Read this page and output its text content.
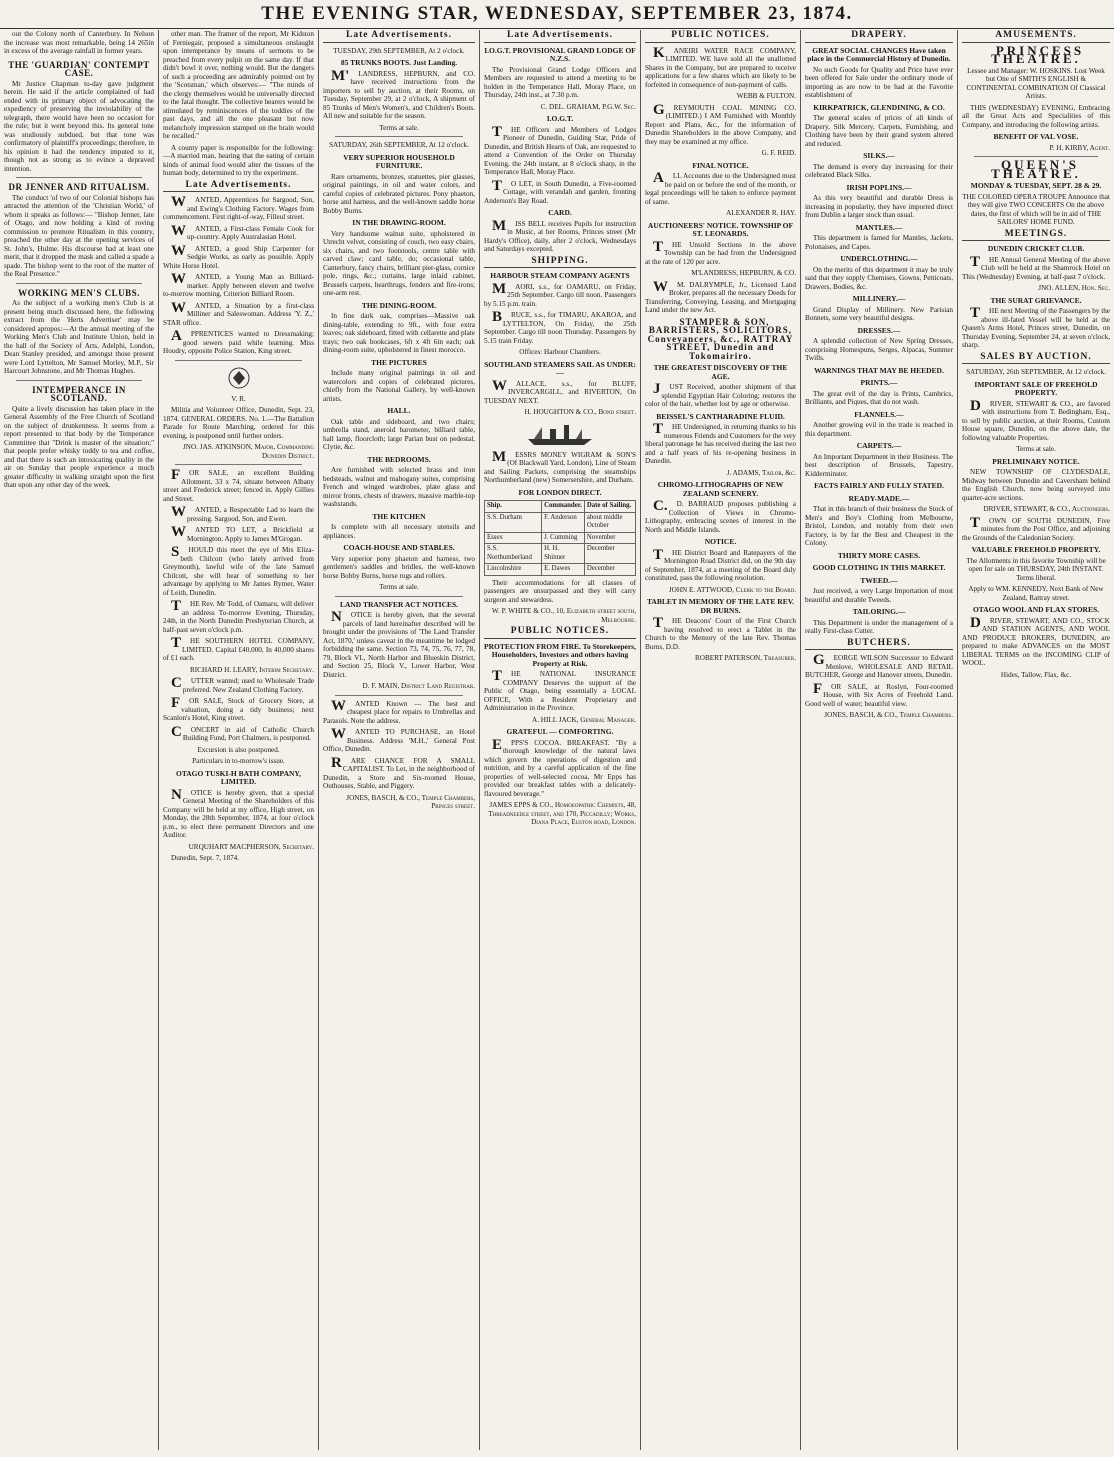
THE EVENING STAR, WEDNESDAY, SEPTEMBER 23, 1874.

out the Colony north of Canterbury. In Nelson the increase was most remarkable, being 14 265in in excess of the average rainfall in former years.

THE 'GUARDIAN' CONTEMPT CASE.

Mr Justice Chapman to-day gave judgment herein. He said if the article complained of had ended with its primary object of advocating the expediency of preserving the inviolability of the telegraph, there would have been no occasion for the rule; but it went beyond this. Its general tone was studiously subdued, but that tone was confirmatory of plaintiff's proceedings; therefore, in his opinion it had the tendency imputed to it, though not as strong as to evince a depraved intention.

DR JENNER AND RITUALISM.

The conduct 'of two of our Colonial bishops has attracted the attention of the 'Christian World,' of whom it speaks as follows:— "Bishop Jenner, late of Otago, and now holding a kind of roving commission to promote Ritualism in this country, preached the other day at the opening services of St. John's, Hulme. His discourse had at least one merit, that it dropped the mask and called a spade a spade. The bishop went to the root of the matter of the Real Presence."

WORKING MEN'S CLUBS.

As the subject of a working men's Club is at present being much discussed here, the following extract from the 'Herts Advertiser' may be considered apropos:—At the annual meeting of the Working Men's Club and Institute Union, held in the hall of the Society of Arts, Adelphi, London, Dean Stanley presided, and amongst those present were Lord Lyttelton, Mr Samuel Morley, M.P., Sir Harcourt Johnstone, and Mr Thomas Hughes.

INTEMPERANCE IN SCOTLAND.

Quite a lively discussion has taken place in the General Assembly of the Free Church of Scotland on the subject of drunkenness. It seems from a report presented to that body by the Temperance Committee that "Drink is master of the situation;" that people prefer whisky toddy to tea and coffee, and that there is such an intoxicating quality in the air on Sunday that people experience a much greater difficulty in walking straight upon the first than upon any other day of the week.

other man. The framer of the report, Mr Kidston of Ferniegair, proposed a simultaneous onslaught upon intemperance by means of sermons to be preached from every pulpit on the same day. If that didn't bowl it over, nothing would. But the dangers of such a proceeding are admirably pointed out by the 'Scotsman,' which observes:— "The minds of the clergy themselves would be universally directed to the fatal thought. The collective hearers would be stimulated by reminiscences of the toddies of the past days, and all the one pleasant but now melancholy impression stamped on the brain would be recalled."

A county paper is responsible for the following:—A married man, hearing that the eating of certain kinds of animal food would alter the tissues of the human body, determined to try the experiment.

Late Advertisements.

WANTED, Apprentices for Sargood, Son, and Ewing's Clothing Factory. Wages from commencement. First right-of-way, Filleul street.

WANTED, a First-class Female Cook for up-country. Apply Australasian Hotel.

WANTED, a good Ship Carpenter for Sedgie Works, as early as possible. Apply White Horse Hotel.

WANTED, a Young Man as Billiard-marker. Apply between eleven and twelve to-morrow morning, Criterion Billiard Room.

WANTED, a Situation by a first-class Milliner and Saleswoman. Address 'Y. Z.,' STAR office.

APPRENTICES wanted to Dressmaking; good sewers paid while learning. Miss Houdry, opposite Police Station, King street.

V. R.

Militia and Volunteer Office, Dunedin, Sept. 23, 1874. GENERAL ORDERS. No. 1.—The Battalion Parade for Route Marching, ordered for this evening, is postponed until further orders.

JNO. JAS. ATKINSON, Major, Commanding Dunedin District.

FOR SALE, an excellent Building Allotment, 33 x 74, situate between Albany street and Frederick street; fenced in. Apply Gillies and Street.

WANTED, a Respectable Lad to learn the pressing. Sargood, Son, and Ewen.

WANTED TO LET, a Brickfield at Mornington. Apply to James M'Grogan.

SHOULD this meet the eye of Mrs Eliza-beth Chilcott (who lately arrived from Greymouth), lawful wife of the late Samuel Chilcott, she will hear of something to her advantage by applying to Mr James Rymer, Water of Leith, Dunedin.

THE Rev. Mr Todd, of Oamaru, will deliver an address To-morrow Evening, Thursday, 24th, in the North Dunedin Presbyterian Church, at half-past seven o'clock p.m.

THE SOUTHERN HOTEL COMPANY, LIMITED. Capital £40,000, In 40,000 shares of £1 each.

RICHARD H. LEARY, Interim Secretary.

CUTTER wanted; used to Wholesale Trade preferred. New Zealand Clothing Factory.

FOR SALE, Stock of Grocery Store, at valuation, doing a tidy business; next Scanlon's Hotel, King street.

CONCERT in aid of Catholic Church Building Fund, Port Chalmers, is postponed.

Excursion is also postponed.

Particulars in to-morrow's issue.

OTAGO TUSKI-H BATH COMPANY, LIMITED.

NOTICE is hereby given, that a special General Meeting of the Shareholders of this Company will be held at my office, High street, on Monday, the 28th September, 1874, at four o'clock p.m., to elect three permanent Directors and one Auditor.

URQUHART MACPHERSON, Secretary.

Dunedin, Sept. 7, 1874.

Late Advertisements.

TUESDAY, 29th SEPTEMBER, At 2 o'clock.

85 TRUNKS BOOTS. Just Landing.

M'LANDRESS, HEPBURN, and CO. have received instructions from the importers to sell by auction, at their Rooms, on Tuesday, September 29, at 2 o'clock, A shipment of 85 Trunks of Men's Women's, and Children's Boots. All new and suitable for the season.

Terms at sale.

SATURDAY, 26th SEPTEMBER, At 12 o'clock.

VERY SUPERIOR HOUSEHOLD FURNITURE.

Rare ornaments, bronzes, statuettes, pier glasses, original paintings, in oil and water colors, and careful copies of celebrated pictures. Pony phaeton, horse and harness, and the well-known saddle horse Bobby Burns.

IN THE DRAWING-ROOM.

Very handsome walnut suite, upholstered in Utrecht velvet, consisting of couch, two easy chairs, six chairs, and two footstools, centre table with carved claw; card table, do; occasional table, Canterbury, fancy chairs, brilliant pier-glass, cornice pole, rings, &c.; curtains, large inlaid cabinet, Brussels carpets, hearthrugs, fenders and fire-irons; one-arm rest.

THE DINING-ROOM.

In fine dark oak, comprises—Massive oak dining-table, extending to 9ft., with four extra leaves; oak sideboard, fitted with cellarette and plate trays; two oak bookcases, 6ft x 4ft 6in each; oak dining-room suite, upholstered in finest morocco.

THE PICTURES

Include many original paintings in oil and watercolors and copies of celebrated pictures, chiefly from the National Gallery, by well-known artists.

HALL.

Oak table and sideboard, and two chairs; umbrella stand, aneroid barometer, billiard table, hall lamp, floorcloth; large Parian bust on pedestal, Clytie, &c.

THE BEDROOMS.

Are furnished with selected brass and iron bedsteads, walnut and mahogany suites, comprising French and winged wardrobes, plate glass and mirror fronts, chests of drawers, massive marble-top washstands.

THE KITCHEN

Is complete with all necessary utensils and appliances.

COACH-HOUSE AND STABLES.

Very superior pony phaeton and harness, two gentlemen's saddles and bridles, the well-known horse Bobby Burns, horse rugs and rollers.

Terms at sale.

LAND TRANSFER ACT NOTICES.

NOTICE is hereby given, that the several parcels of land hereinafter described will be brought under the provisions of 'The Land Transfer Act, 1870,' unless caveat in the meantime be lodged forbidding the same. Section 73, 74, 75, 76, 77, 78, 79, Block VI., North Harbor and Blueskin District, and Section 25, Block V., Lower Harbor, West District.

D. F. MAIN, District Land Registrar.

WANTED Known — The best and cheapest place for repairs to Umbrellas and Parasols. Note the address.

WANTED TO PURCHASE, an Hotel Business. Address 'M.H.,' General Post Office, Dunedin.

RARE CHANCE FOR A SMALL CAPITALIST. To Let, in the neighborhood of Dunedin, a Store and Six-roomed House, Outhouses, Stable, and Piggery.

JONES, BASCH, & CO., Temple Chambers, Princes street.

Late Advertisements.
I.O.G.T. PROVISIONAL GRAND LODGE OF N.Z.S.

The Provisional Grand Lodge Officers and Members are requested to attend a meeting to be holden in the Temperance Hall, Moray Place, on Thursday, 24th inst., at 7.30 p.m.

C. DEL. GRAHAM, P.G.W. Sec.

I.O.G.T.

THE Officers and Members of Lodges Pioneer of Dunedin, Guiding Star, Pride of Dunedin, and British Hearts of Oak, are requested to attend a Convention of the Order on Thursday Evening, the 24th instant, at 8 o'clock sharp, in the Temperance Hall, Moray Place.

TO LET, in South Dunedin, a Five-roomed Cottage, with verandah and garden, fronting Anderson's Bay Road.

CARD.

MISS BELL receives Pupils for instruction in Music, at her Rooms, Princes street (Mr Hardy's Office), daily, after 2 o'clock, Wednesdays and Saturdays excepted.

SHIPPING.
HARBOUR STEAM COMPANY AGENTS

MAORI, s.s., for OAMARU, on Friday, 25th September. Cargo till noon. Passengers by 5.15 p.m. train.

BRUCE, s.s., for TIMARU, AKAROA, and LYTTELTON, On Friday, the 25th September. Cargo till noon Thursday. Passengers by 5.15 train Friday.

Offices: Harbour Chambers.

SOUTHLAND STEAMERS SAIL AS UNDER:—

WALLACE, s.s., for BLUFF, INVERCARGILL, and RIVERTON, On TUESDAY NEXT.

H. HOUGHTON & CO., Bond street.

MESSRS MONEY WIGRAM & SON'S (Of Blackwall Yard, London), Line of Steam and Sailing Packets, comprising the steamships Northumberland (new) Somersetshire, and Durham.

FOR LONDON DIRECT.
Ship.	Commander.	Date of Sailing.
S.S. Durham	F. Anderson	about middle October
Essex	J. Cumming	November
S.S. Northumberland	H. H. Shinner	December
Lincolnshire	E. Dawes	December

Their accommodations for all classes of passengers are unsurpassed and they will carry surgeon and stewardess.

W. P. WHITE & CO., 10, Elizabeth street south, Melbourne.

PUBLIC NOTICES.
PROTECTION FROM FIRE. To Storekeepers, Householders, Investors and others having Property at Risk.

THE NATIONAL INSURANCE COMPANY Deserves the support of the Public of Otago, being essentially a LOCAL OFFICE, With a Resident Proprietary and Administration in the Province.

A. HILL JACK, General Manager.

GRATEFUL — COMFORTING.

EPPS'S COCOA. BREAKFAST. "By a thorough knowledge of the natural laws which govern the operations of digestion and nutrition, and by a careful application of the fine properties of well-selected cocoa, Mr Epps has provided our breakfast tables with a delicately-flavoured beverage."

JAMES EPPS & CO., Homoeopathic Chemists, 48, Threadneedle street, and 170, Piccadilly; Works, Diana Place, Euston road, London.

PUBLIC NOTICES.

KANEIRI WATER RACE COMPANY, LIMITED. WE have sold all the unallotted Shares in the Company, but are prepared to receive applications for a few shares which are likely to be forfeited in consequence of non-payment of calls.

WEBB & FULTON.

GREYMOUTH COAL MINING CO. (LIMITED.) I AM Furnished with Monthly Report and Plans, &c., for the information of Dunedin Shareholders in the above Company, and they may be examined at my office.

G. F. REID.

FINAL NOTICE.

ALL Accounts due to the Undersigned must be paid on or before the end of the month, or legal proceedings will be taken to enforce payment of same.

ALEXANDER R. HAY.

AUCTIONEERS' NOTICE. TOWNSHIP OF ST. LEONARDS.

THE Unsold Sections in the above Township can be had from the Undersigned at the rate of 120 per acre.

M'LANDRESS, HEPBURN, & CO.

WM. DALRYMPLE, Jr., Licensed Land Broker, prepares all the necessary Deeds for Transferring, Conveying, Leasing, and Mortgaging Land under the new Act.

STAMPER & SON, BARRISTERS, SOLICITORS, Conveyancers, &c., RATTRAY STREET, Dunedin and Tokomairiro.

THE GREATEST DISCOVERY OF THE AGE.

JUST Received, another shipment of that splendid Egyptian Hair Coloring; restores the color of the hair, whether lost by age or otherwise.

BEISSEL'S CANTHARADINE FLUID.

THE Undersigned, in returning thanks to his numerous Friends and Customers for the very liberal patronage he has received during the last two and a half years of his re-opening business in Dunedin.

J. ADAMS, Tailor, &c.

CHROMO-LITHOGRAPHS OF NEW ZEALAND SCENERY.

C.D. BARRAUD proposes publishing a Collection of Views in Chromo-Lithography, embracing scenes of interest in the North and Middle Islands.

NOTICE.

THE District Board and Ratepayers of the Mornington Road District did, on the 9th day of September, 1874, at a meeting of the Board duly constituted, pass the following resolution.

JOHN E. ATTWOOD, Clerk to the Board.

TABLET IN MEMORY OF THE LATE REV. DR BURNS.

THE Deacons' Court of the First Church having resolved to erect a Tablet in the Church to the Memory of the late Rev. Thomas Burns, D.D.

ROBERT PATERSON, Treasurer.

DRAPERY.
GREAT SOCIAL CHANGES Have taken place in the Commercial History of Dunedin.

No such Goods for Quality and Price have ever been offered for Sale under the ordinary mode of importing as are now to be had at the Favorite establishment of

KIRKPATRICK, GLENDINING, & CO.

The general scales of prices of all kinds of Drapery, Silk Mercery, Carpets, Furnishing, and Clothing have been by their grand system altered and reduced.

SILKS.—

The demand is every day increasing for their celebrated Black Silks.

IRISH POPLINS.—

As this very beautiful and durable Dress is increasing in popularity, they have imported direct from Dublin a larger stock than usual.

MANTLES.—

This department is famed for Mantles, Jackets, Polonaises, and Capes.

UNDERCLOTHING.—

On the merits of this department it may be truly said that they supply Chemises, Gowns, Petticoats, Drawers, Bodies, &c.

MILLINERY.—

Grand Display of Millinery. New Parisian Bonnets, some very beautiful designs.

DRESSES.—

A splendid collection of New Spring Dresses, comprising Homespuns, Serges, Alpacas, Summer Twills.

WARNINGS THAT MAY BE HEEDED.
PRINTS.—

The great evil of the day is Prints, Cambrics, Brilliants, and Piques, that do not wash.

FLANNELS.—

Another growing evil in the trade is reached in this department.

CARPETS.—

An Important Department in their Business. The best description of Brussels, Tapestry, Kidderminster.

FACTS FAIRLY AND FULLY STATED.
READY-MADE.—

That in this branch of their business the Stock of Men's and Boy's Clothing from Melbourne, Bristol, London, and notably from their own Factory, is by far the Best and Cheapest in the Colony.

THIRTY MORE CASES.
GOOD CLOTHING IN THIS MARKET.
TWEED.—

Just received, a very Large Importation of most beautiful and durable Tweeds.

TAILORING.—

This Department is under the management of a really First-class Cutter.

BUTCHERS.

GEORGE WILSON Successor to Edward Menlove, WHOLESALE AND RETAIL BUTCHER, George and Hanover streets, Dunedin.

FOR SALE, at Roslyn, Four-roomed House, with Six Acres of Freehold Land. Good well of water; beautiful view.

JONES, BASCH, & CO., Temple Chambers.

AMUSEMENTS.

PRINCESS THEATRE.

Lessee and Manager: W. HOSKINS. Lost Week but One of SMITH'S ENGLISH & CONTINENTAL COMBINATION Of Classical Artists.

THIS (WEDNESDAY) EVENING, Embracing all the Great Acts and Specialities of this Company, and introducing the following artists.

BENEFIT OF VAL VOSE.

P. H. KIRBY, Agent.

QUEEN'S THEATRE.

MONDAY & TUESDAY, SEPT. 28 & 29.

THE COLORED OPERA TROUPE Announce that they will give TWO CONCERTS On the above dates, the first of which will be in aid of THE SAILORS' HOME FUND.

MEETINGS.
DUNEDIN CRICKET CLUB.

THE Annual General Meeting of the above Club will be held at the Shamrock Hotel on This (Wednesday) Evening, at half-past 7 o'clock.

JNO. ALLEN, Hon. Sec.

THE SURAT GRIEVANCE.

THE next Meeting of the Passengers by the above ill-fated Vessel will be held at the Queen's Arms Hotel, Princes street, Dunedin, on Thursday Evening, September 24, at seven o'clock, sharp.

SALES BY AUCTION.

SATURDAY, 26th SEPTEMBER, At 12 o'clock.

IMPORTANT SALE OF FREEHOLD PROPERTY.

DRIVER, STEWART & CO., are favored with instructions from T. Bedingham, Esq., to sell by public auction, at their Rooms, Custom House square, Dunedin, on the above date, the following valuable Properties.

Terms at sale.

PRELIMINARY NOTICE.

NEW TOWNSHIP OF CLYDESDALE, Midway between Dunedin and Caversham behind the English Church, now being surveyed into quarter-acre sections.

DRIVER, STEWART, & CO., Auctioneers.

TOWN OF SOUTH DUNEDIN, Five minutes from the Post Office, and adjoining the Grounds of the Caledonian Society.

VALUABLE FREEHOLD PROPERTY.

The Allotments in this favorite Township will be open for sale on THURSDAY, 24th INSTANT. Terms liberal.

Apply to WM. KENNEDY, Next Bank of New Zealand, Rattray street.

OTAGO WOOL AND FLAX STORES.

DRIVER, STEWART, AND CO., STOCK AND STATION AGENTS, AND WOOL AND PRODUCE BROKERS, DUNEDIN, are prepared to make ADVANCES on the MOST LIBERAL TERMS on the INCOMING CLIP of WOOL.

Hides, Tallow, Flax, &c.
